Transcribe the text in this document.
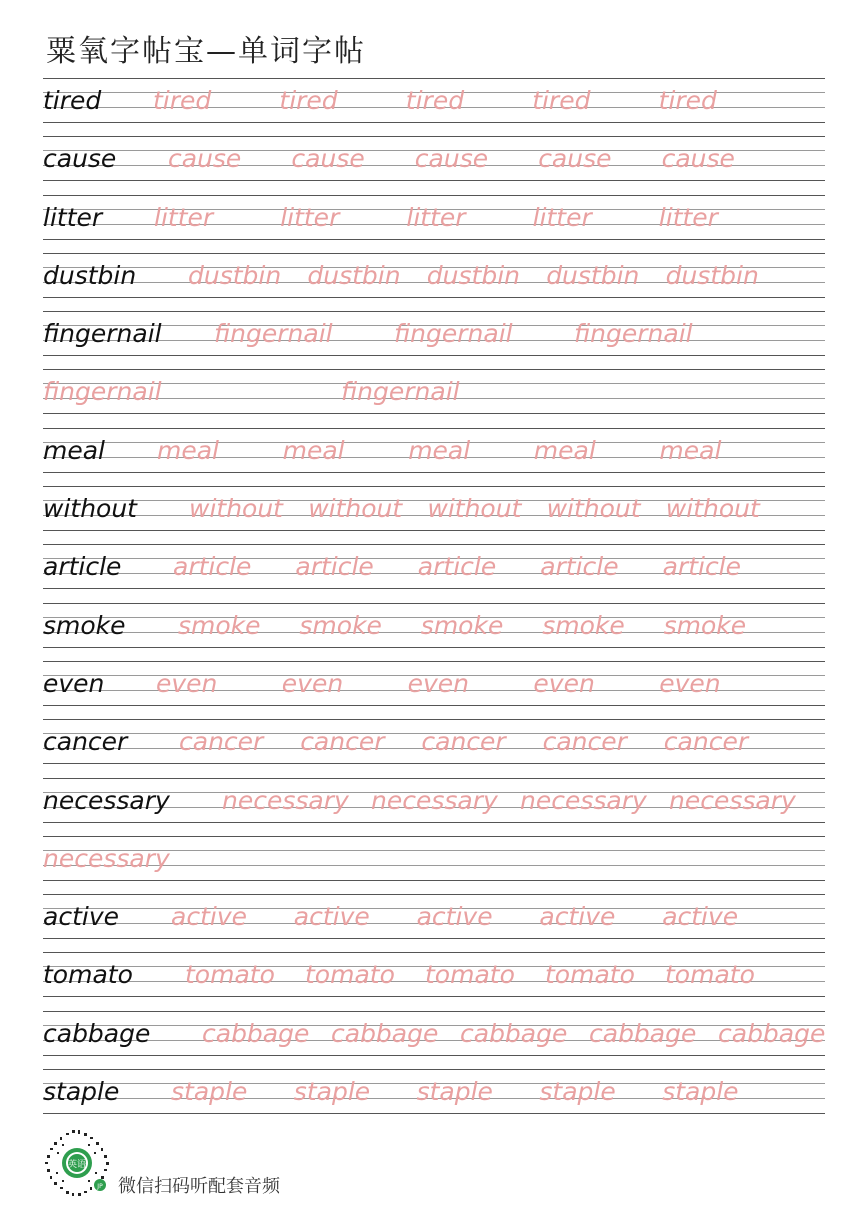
粟氧字帖宝—单词字帖
tired tired	tired	tired	tired	tired
cause cause cause cause cause cause
litter litter	litter	litter	litter	litter
dustbin dustbin dustbin dustbin dustbin dustbin
fingernail fingernail fingernail fingernail
fingernail	fingernail
meal meal	meal	meal	meal	meal
without without without without without without
article article article article article article
smoke smoke smoke smoke smoke smoke
even even	even	even	even	even
cancer cancer cancer cancer cancer cancer
necessary necessary necessary necessary necessary
necessary
active active active active active active
tomato tomato tomato tomato tomato tomato
cabbage cabbage cabbage cabbage cabbage cabbage
staple staple staple staple staple staple
英语
JP 微信扫码听配套音频
